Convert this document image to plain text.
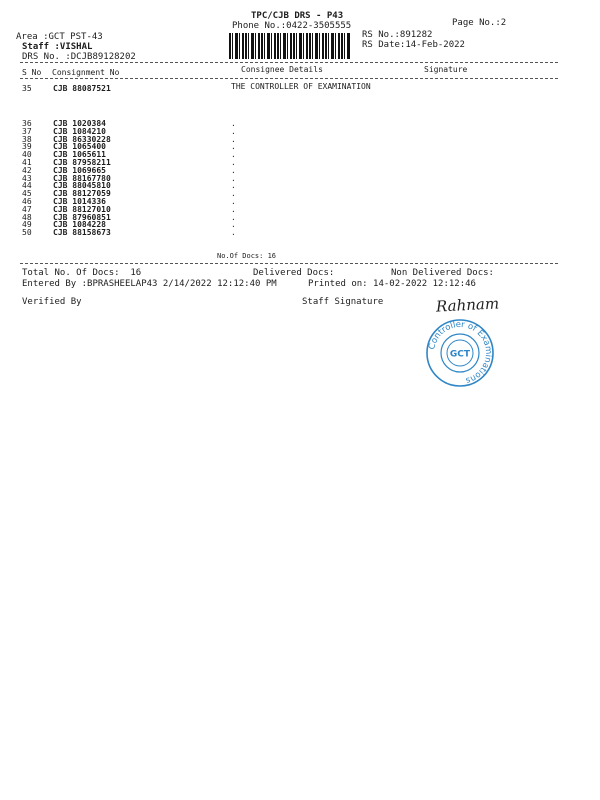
TPC/CJB DRS - P43
Phone No.:0422-3505555	Page No.:2
Area :GCT PST-43
Staff :VISHAL
DRS No. :DCJB89128202
RS No.:891282
RS Date:14-Feb-2022
S No Consignment No	Consignee Details	Signature
35	CJB 88087521	THE CONTROLLER OF EXAMINATION
36	CJB 1020384	.
37	CJB 1084210	.
38	CJB 86330228	.
39	CJB 1065400	.
40	CJB 1065611	.
41	CJB 87958211	.
42	CJB 1069665	.
43	CJB 88167780	.
44	CJB 88045810	.
45	CJB 88127059	.
46	CJB 1014336	.
47	CJB 88127010	.
48	CJB 87960851	.
49	CJB 1084228	.
50	CJB 88158673	.
No.Of Docs: 16
Total No. Of Docs:  16	Delivered Docs:	Non Delivered Docs:
Entered By :BPRASHEELAP43 2/14/2022 12:12:40 PM	Printed on: 14-02-2022 12:12:46
Verified By	Staff Signature	Rahnam
Controller of Examinations
GCT
